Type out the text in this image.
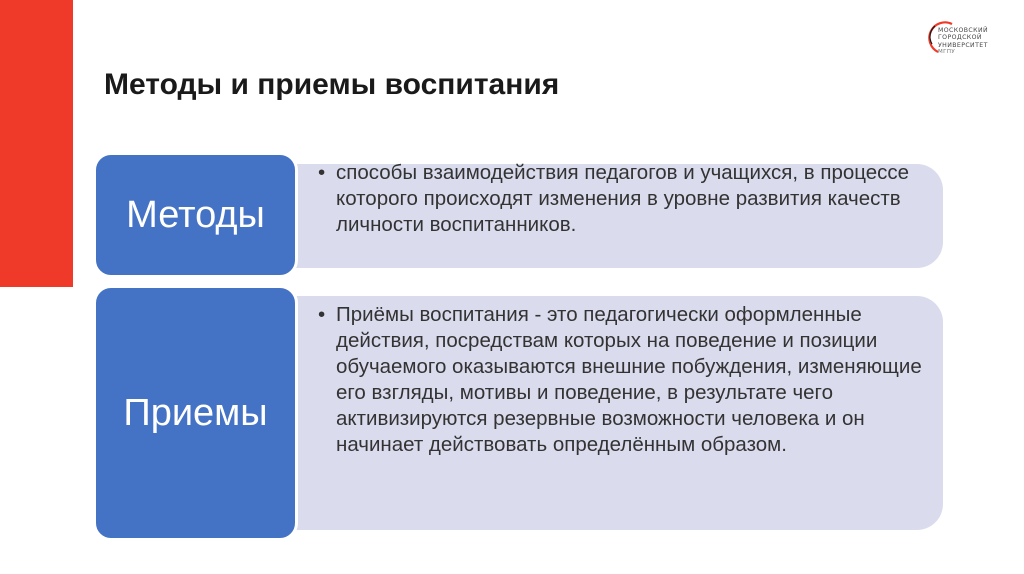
МОСКОВСКИЙ
ГОРОДСКОЙ
УНИВЕРСИТЕТ
МГПУ
Методы и приемы воспитания
• способы взаимодействия педагогов и учащихся, в процессе которого происходят изменения в уровне развития качеств личности воспитанников.
Методы
• Приёмы воспитания - это педагогически оформленные действия, посредствам которых на поведение и позиции обучаемого оказываются внешние побуждения, изменяющие его взгляды, мотивы и поведение, в результате чего активизируются резервные возможности человека и он начинает действовать определённым образом.
Приемы
